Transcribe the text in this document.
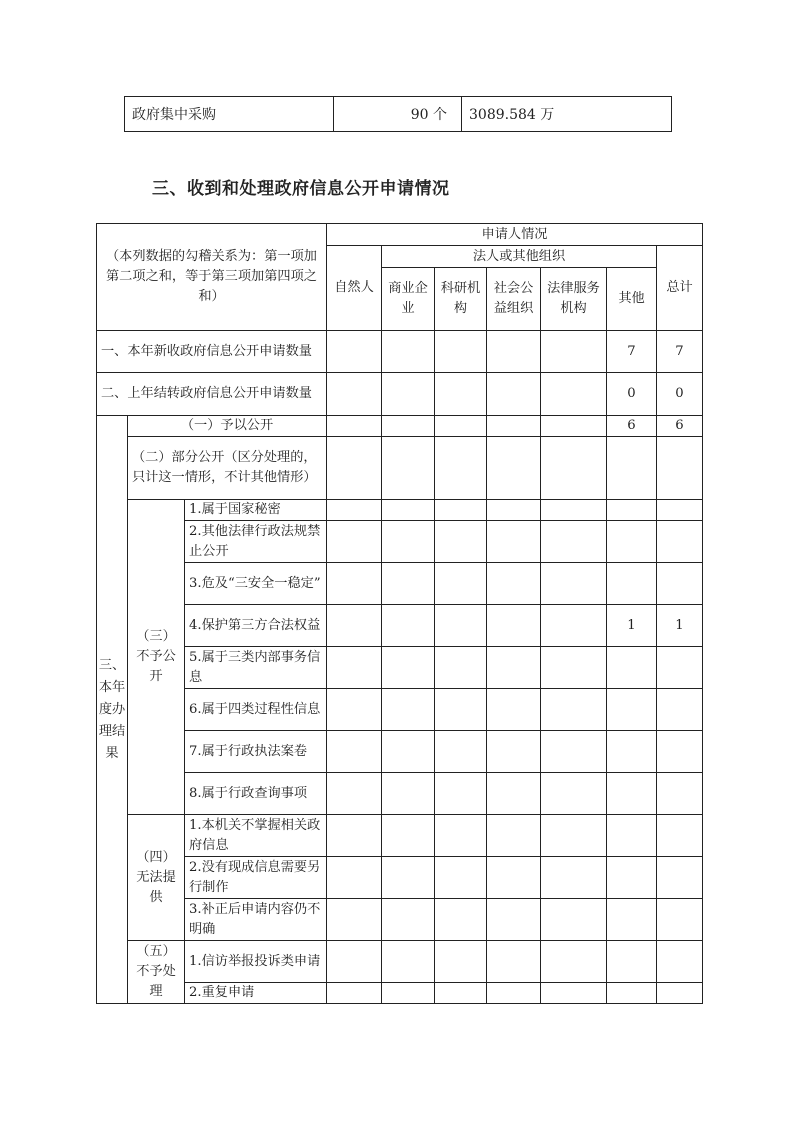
政府集中采购	90 个	3089.584 万
三、收到和处理政府信息公开申请情况
（本列数据的勾稽关系为：第一项加第二项之和，等于第三项加第四项之和）			申请人情况						
			自然人	法人或其他组织					总计
				商业企业	科研机构	社会公益组织	法律服务机构	其他	
一、本年新收政府信息公开申请数量								7	7
二、上年结转政府信息公开申请数量								0	0
三、本年度办理结果	（一）予以公开							6	6
	（二）部分公开（区分处理的，只计这一情形，不计其他情形）								
	（三）不予公开	1.属于国家秘密							
		2.其他法律行政法规禁止公开							
		3.危及“三安全一稳定”							
		4.保护第三方合法权益						1	1
		5.属于三类内部事务信息							
		6.属于四类过程性信息							
		7.属于行政执法案卷							
		8.属于行政查询事项							
	（四）无法提供	1.本机关不掌握相关政府信息							
		2.没有现成信息需要另行制作							
		3.补正后申请内容仍不明确							
	（五）不予处理	1.信访举报投诉类申请							
		2.重复申请							
